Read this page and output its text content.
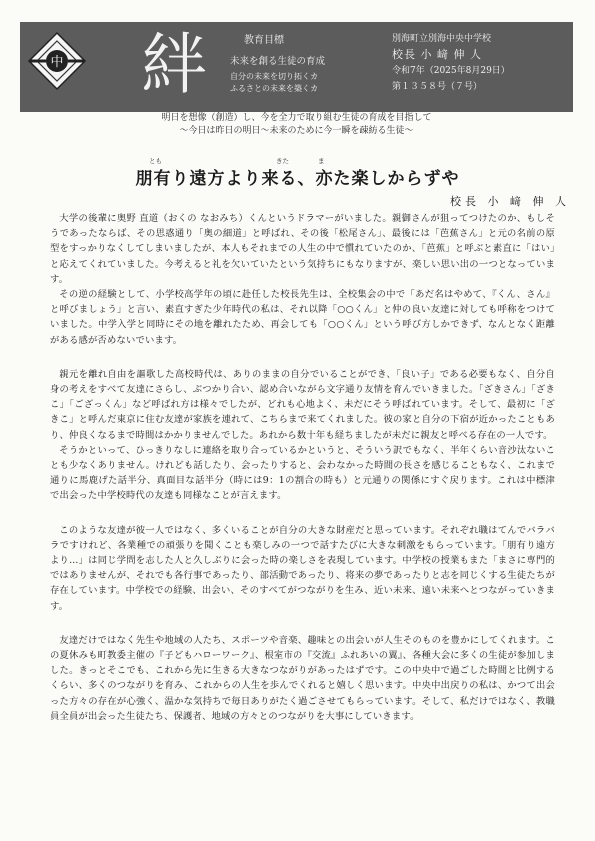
中 絆	教育目標
未来を創る生徒の育成
自分の未来を切り拓くカ
ふるさとの未来を築くカ
別海町立別海中央中学校
校長 小 﨑 伸 人
令和7年（2025年8月29日）
第１３５８号（７号）
明日を想像（創造）し、今を全力で取り組む生徒の育成を目指して
～今日は昨日の明日～未来のために今一瞬を疎紡る生徒～
とも	きた	ま
朋有り遠方より来る、亦た楽しからずや
校長 小 﨑 伸 人

大学の後輩に奥野 直道（おくの なおみち）くんというドラマーがいました。親御さんが狙ってつけたのか、もしそうであったならば、その思惑通り「奥の細道」と呼ばれ、その後「松尾さん」、最後には「芭蕉さん」と元の名前の原型をすっかりなくしてしまいましたが、本人もそれまでの人生の中で慣れていたのか、「芭蕉」と呼ぶと素直に「はい」と応えてくれていました。今考えると礼を欠いていたという気持ちにもなりますが、楽しい思い出の一つとなっています。

その逆の経験として、小学校高学年の頃に赴任した校長先生は、全校集会の中で「あだ名はやめて、『くん、さん』と呼びましょう」と言い、素直すぎた少年時代の私は、それ以降「○○くん」と仲の良い友達に対しても呼称をつけていました。中学入学と同時にその地を離れたため、再会しても「○○くん」という呼び方しかできず、なんとなく距離がある感が否めないでいます。

親元を離れ自由を謳歌した高校時代は、ありのままの自分でいることができ、「良い子」である必要もなく、自分自身の考えをすべて友達にさらし、ぶつかり合い、認め合いながら文字通り友情を育んでいきました。「ざきさん」「ざきこ」「ござっくん」など呼ばれ方は様々でしたが、どれも心地よく、未だにそう呼ばれています。そして、最初に「ざきこ」と呼んだ東京に住む友達が家族を連れて、こちらまで来てくれました。彼の家と自分の下宿が近かったこともあり、仲良くなるまで時間はかかりませんでした。あれから数十年も経ちましたが未だに親友と呼べる存在の一人です。

そうかといって、ひっきりなしに連絡を取り合っているかというと、そういう訳でもなく、半年くらい音沙汰ないことも少なくありません。けれども話したり、会ったりすると、会わなかった時間の長さを感じることもなく、これまで通りに馬鹿げた話半分、真面目な話半分（時には9：1の割合の時も）と元通りの関係にすぐ戻ります。これは中標津で出会った中学校時代の友達も同様なことが言えます。

このような友達が彼一人ではなく、多くいることが自分の大きな財産だと思っています。それぞれ職はてんでバラバラですけれど、各業種での頑張りを聞くことも楽しみの一つで話すたびに大きな刺激をもらっています。「朋有り遠方より…」は同じ学問を志した人と久しぶりに会った時の楽しさを表現しています。中学校の授業もまた「まさに専門的ではありませんが、それでも各行事であったり、部活動であったり、将来の夢であったりと志を同じくする生徒たちが存在しています。中学校での経験、出会い、そのすべてがつながりを生み、近い未来、遠い未来へとつながっていきます。

友達だけではなく先生や地域の人たち、スポーツや音楽、趣味との出会いが人生そのものを豊かにしてくれます。この夏休みも町教委主催の『子どもハローワーク』、根室市の『交流』ふれあいの翼』、各種大会に多くの生徒が参加しました。きっとそこでも、これから先に生きる大きなつながりがあったはずです。この中央中で過ごした時間と比例するくらい、多くのつながりを育み、これからの人生を歩んでくれると嬉しく思います。中央中出戻りの私は、かつて出会った方々の存在が心強く、温かな気持ちで毎日ありがたく過ごさせてもらっています。そして、私だけではなく、教職員全員が出会った生徒たち、保護者、地域の方々とのつながりを大事にしていきます。
